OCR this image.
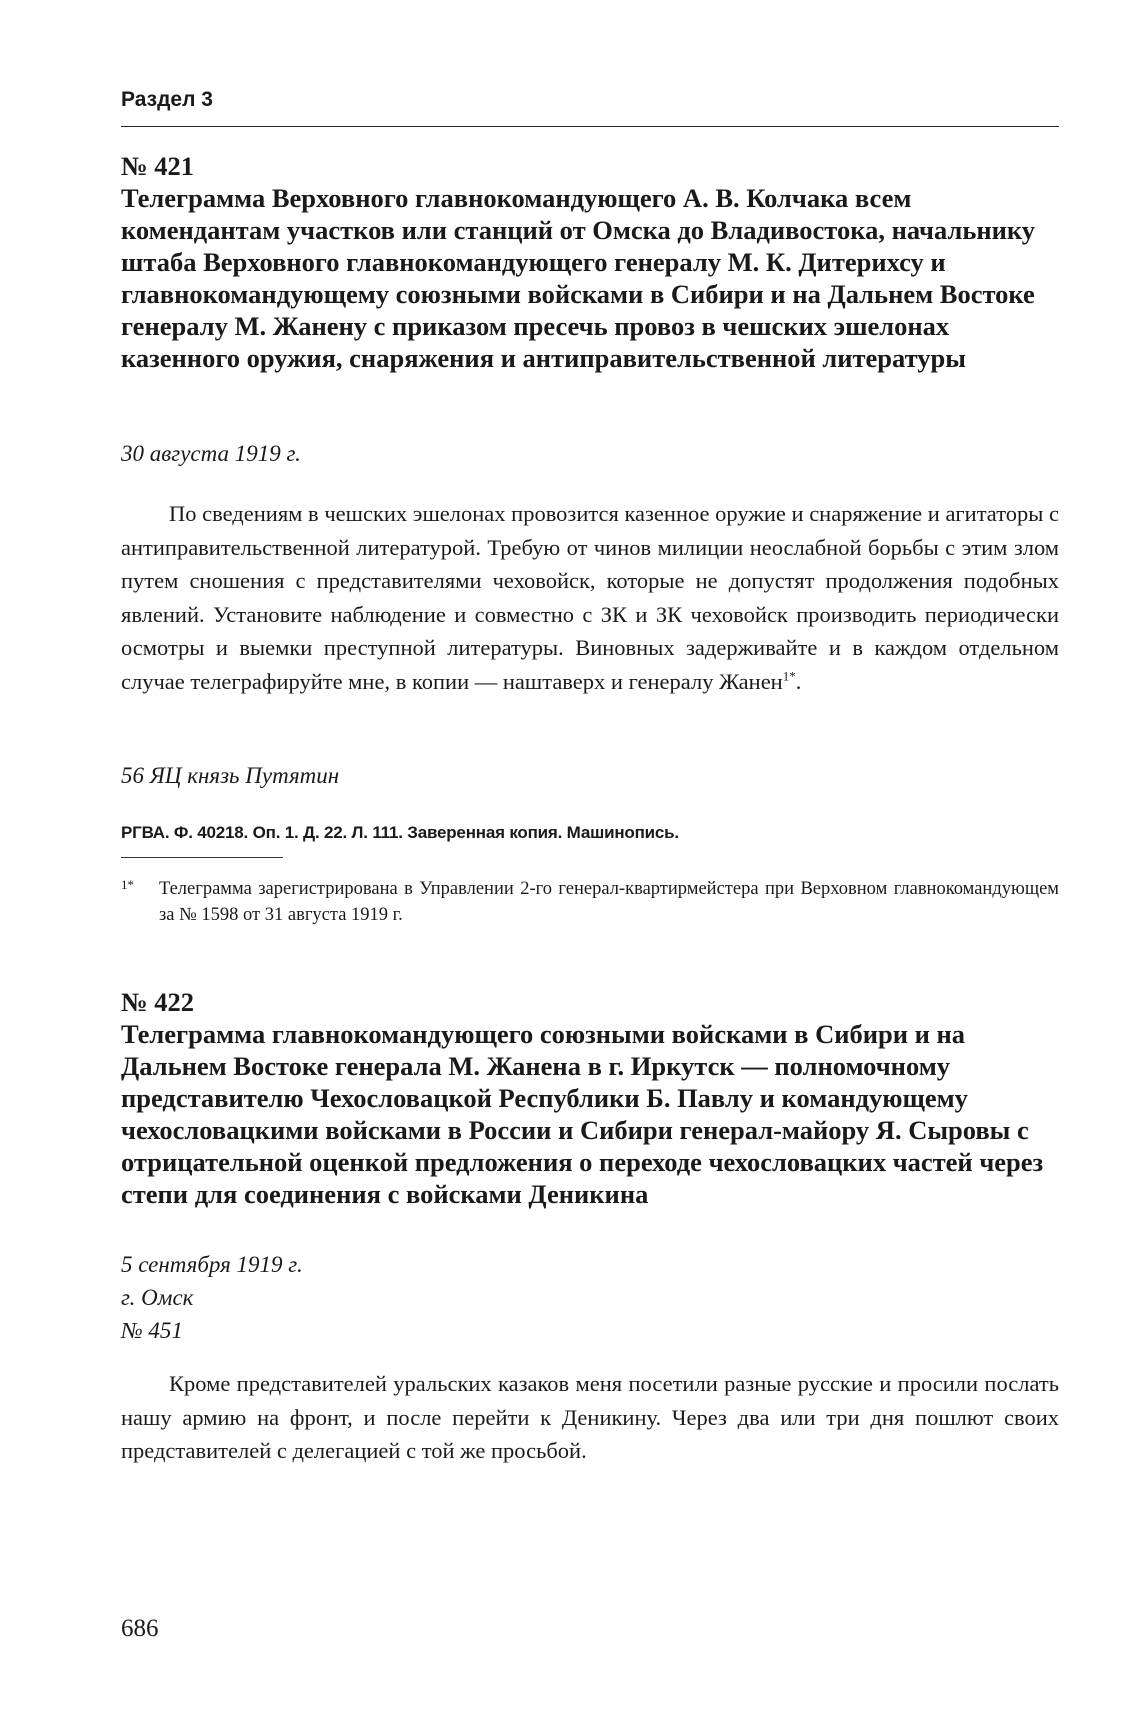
Раздел 3
№ 421
Телеграмма Верховного главнокомандующего А. В. Колчака всем комендантам участков или станций от Омска до Владивостока, начальнику штаба Верховного главнокомандующего генералу М. К. Дитерихсу и главнокомандующему союзными войсками в Сибири и на Дальнем Востоке генералу М. Жанену с приказом пресечь провоз в чешских эшелонах казенного оружия, снаряжения и антиправительственной литературы
30 августа 1919 г.

По сведениям в чешских эшелонах провозится казенное оружие и снаряжение и агитаторы с антиправительственной литературой. Требую от чинов милиции неослабной борьбы с этим злом путем сношения с представителями чеховойск, которые не допустят продолжения подобных явлений. Установите наблюдение и совместно с ЗК и ЗК чеховойск производить периодически осмотры и выемки преступной литературы. Виновных задерживайте и в каждом отдельном случае телеграфируйте мне, в копии — наштаверх и генералу Жанен$^{1*}$.

56 ЯЦ князь Путятин
РГВА. Ф. 40218. Оп. 1. Д. 22. Л. 111. Заверенная копия. Машинопись.
1* Телеграмма зарегистрирована в Управлении 2-го генерал-квартирмейстера при Верховном главнокомандующем за № 1598 от 31 августа 1919 г.
№ 422
Телеграмма главнокомандующего союзными войсками в Сибири и на Дальнем Востоке генерала М. Жанена в г. Иркутск — полномочному представителю Чехословацкой Республики Б. Павлу и командующему чехословацкими войсками в России и Сибири генерал-майору Я. Сыровы с отрицательной оценкой предложения о переходе чехословацких частей через степи для соединения с войсками Деникина
5 сентября 1919 г.
г. Омск
№ 451

Кроме представителей уральских казаков меня посетили разные русские и просили послать нашу армию на фронт, и после перейти к Деникину. Через два или три дня пошлют своих представителей с делегацией с той же просьбой.

686
